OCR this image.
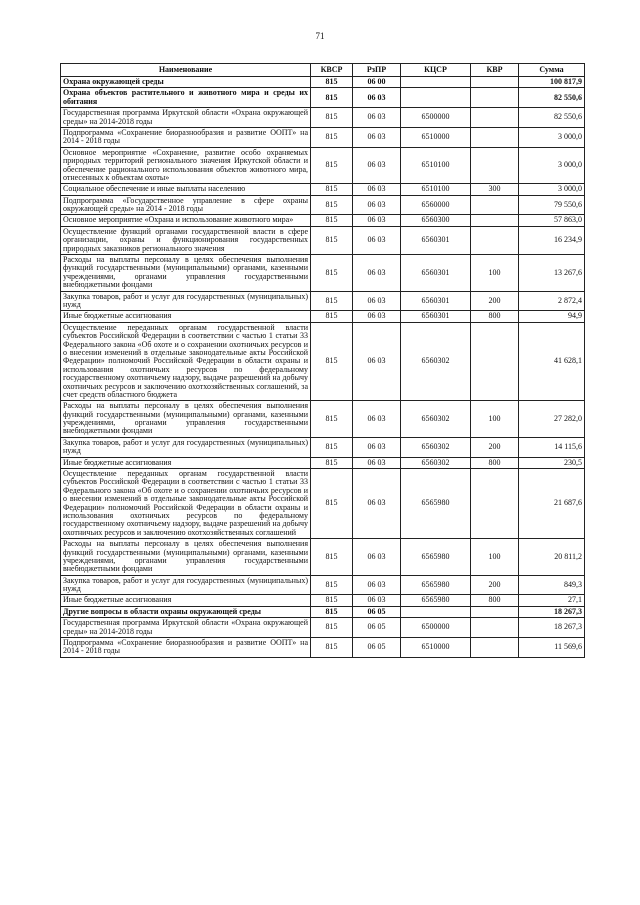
71
Наименование	КВСР	РзПР	КЦСР	КВР	Сумма
Охрана окружающей среды	815	06 00			100 817,9
Охрана объектов растительного и животного мира и среды их обитания	815	06 03			82 550,6
Государственная программа Иркутской области «Охрана окружающей среды» на 2014-2018 годы	815	06 03	6500000		82 550,6
Подпрограмма «Сохранение биоразнообразия и развитие ООПТ» на 2014 - 2018 годы	815	06 03	6510000		3 000,0
Основное мероприятие «Сохранение, развитие особо охраняемых природных территорий регионального значения Иркутской области и обеспечение рационального использования объектов животного мира, отнесенных к объектам охоты»	815	06 03	6510100		3 000,0
Социальное обеспечение и иные выплаты населению	815	06 03	6510100	300	3 000,0
Подпрограмма «Государственное управление в сфере охраны окружающей среды» на 2014 - 2018 годы	815	06 03	6560000		79 550,6
Основное мероприятие «Охрана и использование животного мира»	815	06 03	6560300		57 863,0
Осуществление функций органами государственной власти в сфере организации, охраны и функционирования государственных природных заказников регионального значения	815	06 03	6560301		16 234,9
Расходы на выплаты персоналу в целях обеспечения выполнения функций государственными (муниципальными) органами, казенными учреждениями, органами управления государственными внебюджетными фондами	815	06 03	6560301	100	13 267,6
Закупка товаров, работ и услуг для государственных (муниципальных) нужд	815	06 03	6560301	200	2 872,4
Иные бюджетные ассигнования	815	06 03	6560301	800	94,9
Осуществление переданных органам государственной власти субъектов Российской Федерации в соответствии с частью 1 статьи 33 Федерального закона «Об охоте и о сохранении охотничьих ресурсов и о внесении изменений в отдельные законодательные акты Российской Федерации» полномочий Российской Федерации в области охраны и использования охотничьих ресурсов по федеральному государственному охотничьему надзору, выдаче разрешений на добычу охотничьих ресурсов и заключению охотхозяйственных соглашений, за счет средств областного бюджета	815	06 03	6560302		41 628,1
Расходы на выплаты персоналу в целях обеспечения выполнения функций государственными (муниципальными) органами, казенными учреждениями, органами управления государственными внебюджетными фондами	815	06 03	6560302	100	27 282,0
Закупка товаров, работ и услуг для государственных (муниципальных) нужд	815	06 03	6560302	200	14 115,6
Иные бюджетные ассигнования	815	06 03	6560302	800	230,5
Осуществление переданных органам государственной власти субъектов Российской Федерации в соответствии с частью 1 статьи 33 Федерального закона «Об охоте и о сохранении охотничьих ресурсов и о внесении изменений в отдельные законодательные акты Российской Федерации» полномочий Российской Федерации в области охраны и использования охотничьих ресурсов по федеральному государственному охотничьему надзору, выдаче разрешений на добычу охотничьих ресурсов и заключению охотхозяйственных соглашений	815	06 03	6565980		21 687,6
Расходы на выплаты персоналу в целях обеспечения выполнения функций государственными (муниципальными) органами, казенными учреждениями, органами управления государственными внебюджетными фондами	815	06 03	6565980	100	20 811,2
Закупка товаров, работ и услуг для государственных (муниципальных) нужд	815	06 03	6565980	200	849,3
Иные бюджетные ассигнования	815	06 03	6565980	800	27,1
Другие вопросы в области охраны окружающей среды	815	06 05			18 267,3
Государственная программа Иркутской области «Охрана окружающей среды» на 2014-2018 годы	815	06 05	6500000		18 267,3
Подпрограмма «Сохранение биоразнообразия и развитие ООПТ» на 2014 - 2018 годы	815	06 05	6510000		11 569,6
